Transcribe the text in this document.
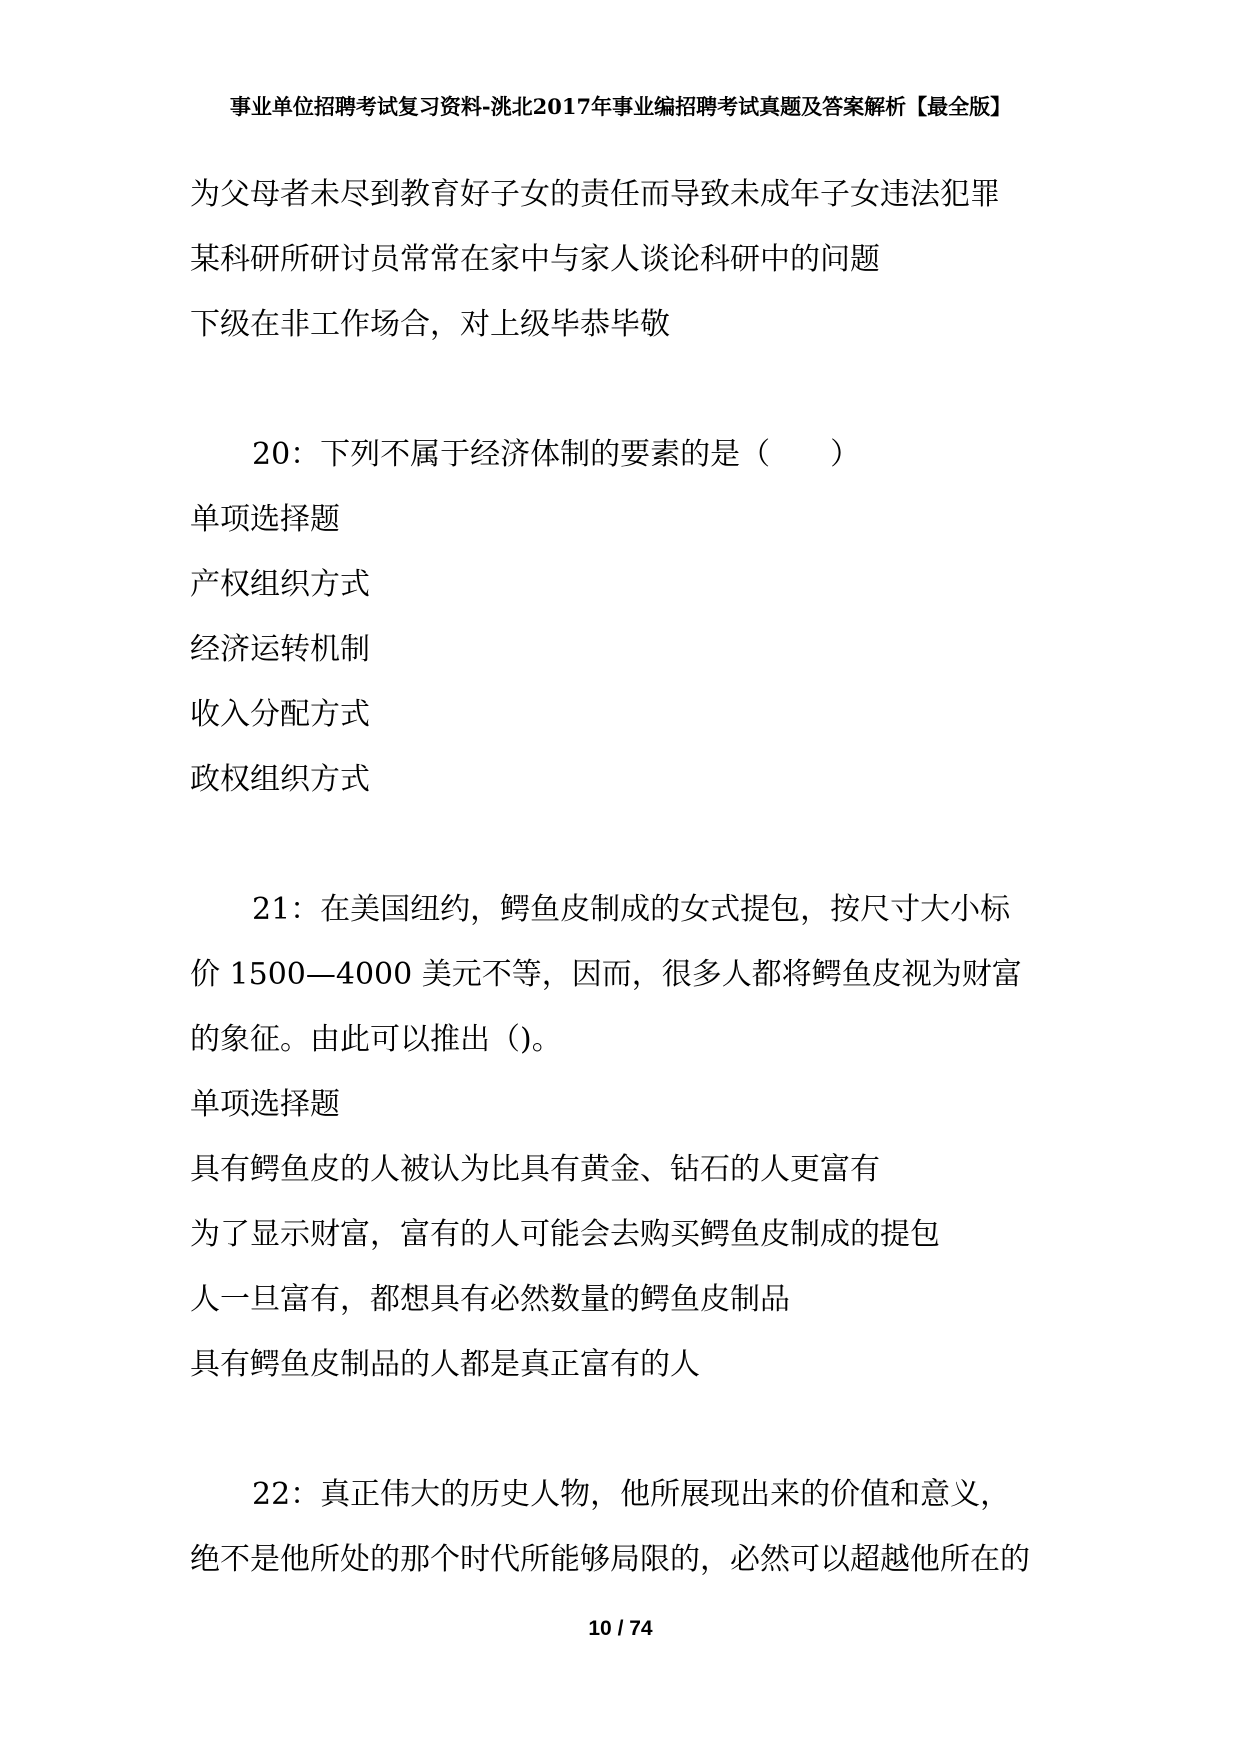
事业单位招聘考试复习资料-洮北2017年事业编招聘考试真题及答案解析【最全版】
为父母者未尽到教育好子女的责任而导致未成年子女违法犯罪
某科研所研讨员常常在家中与家人谈论科研中的问题
下级在非工作场合，对上级毕恭毕敬
20：下列不属于经济体制的要素的是（　　）
单项选择题
产权组织方式
经济运转机制
收入分配方式
政权组织方式
21：在美国纽约，鳄鱼皮制成的女式提包，按尺寸大小标
价 1500—4000 美元不等，因而，很多人都将鳄鱼皮视为财富
的象征。由此可以推出（)。
单项选择题
具有鳄鱼皮的人被认为比具有黄金、钻石的人更富有
为了显示财富，富有的人可能会去购买鳄鱼皮制成的提包
人一旦富有，都想具有必然数量的鳄鱼皮制品
具有鳄鱼皮制品的人都是真正富有的人
22：真正伟大的历史人物，他所展现出来的价值和意义，
绝不是他所处的那个时代所能够局限的，必然可以超越他所在的
10 / 74
